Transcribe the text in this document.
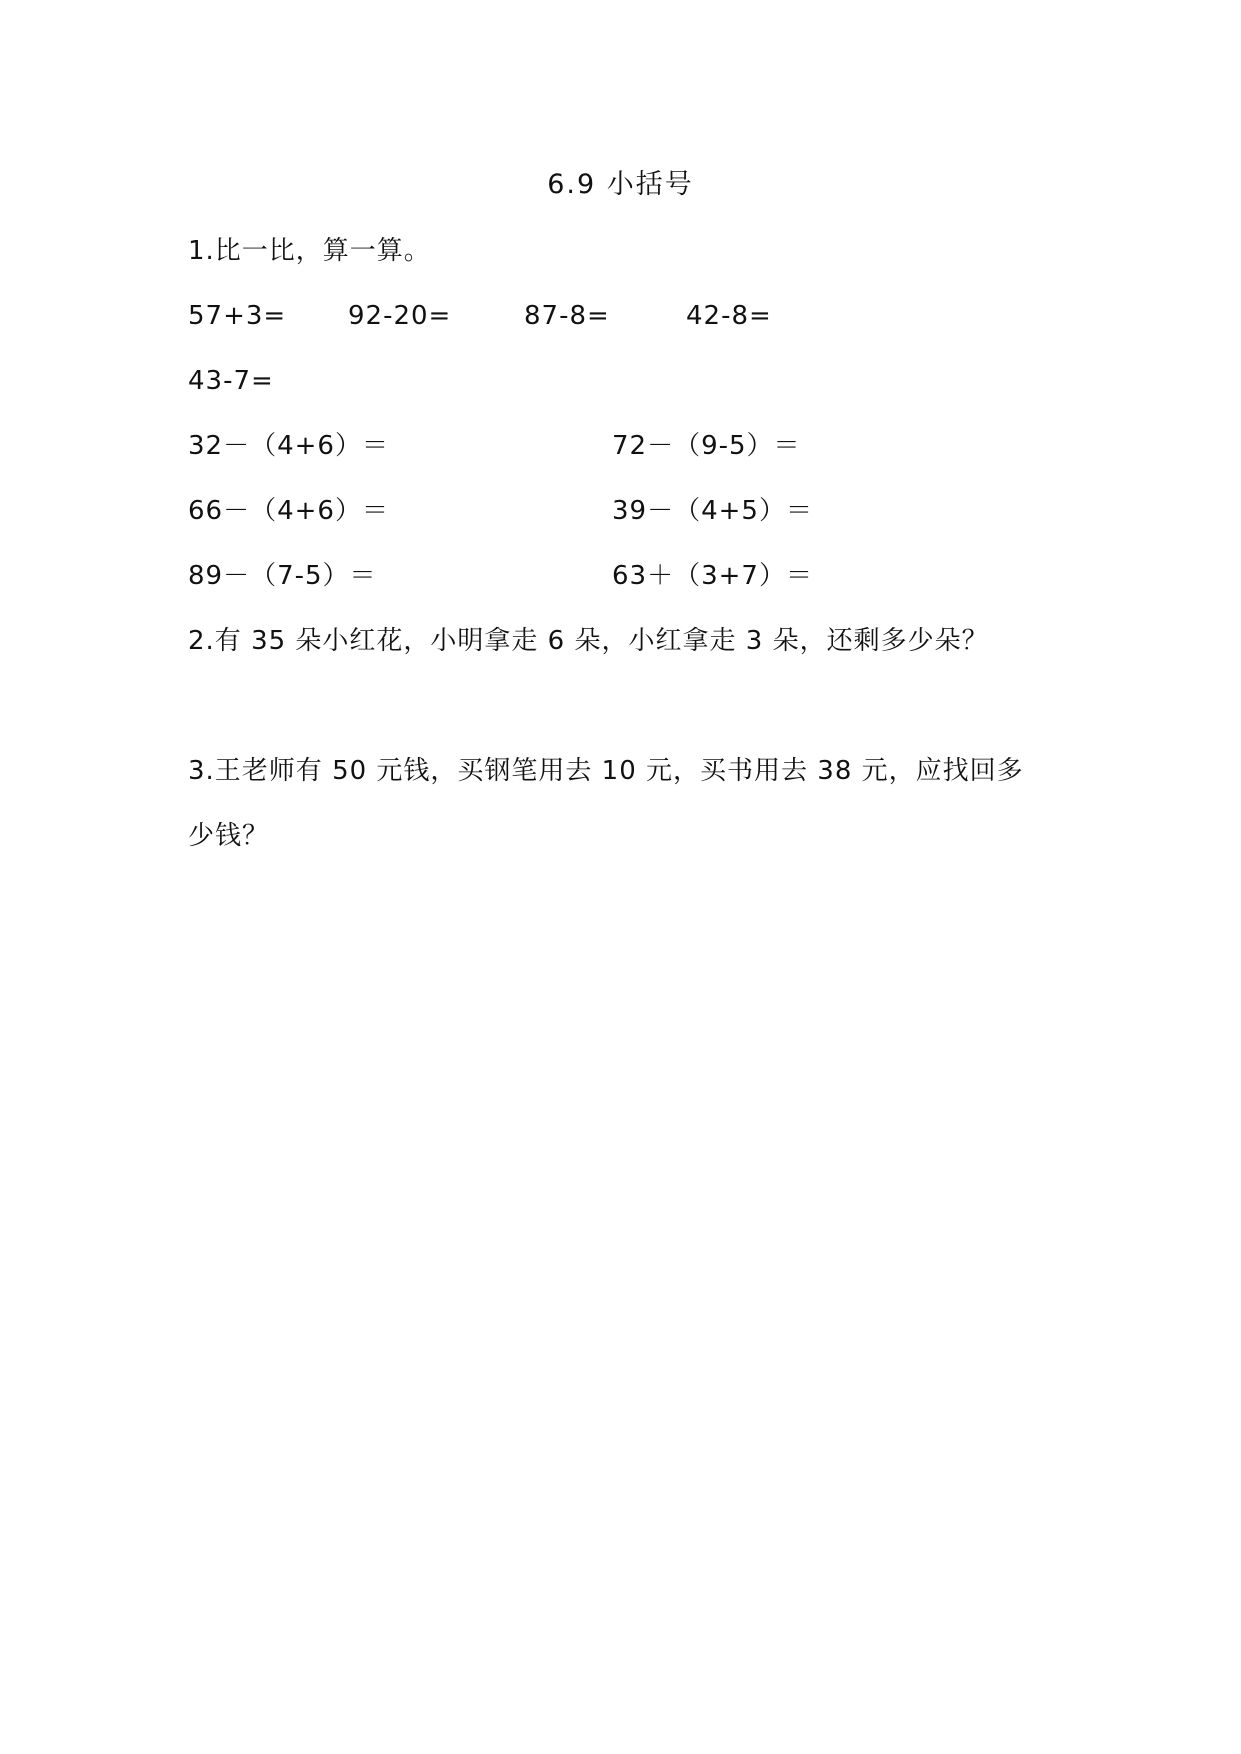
6.9 小括号
1.比一比，算一算。
57+3= 92-20=	87-8=	42-8=
43-7=
32－（4+6）＝	72－（9-5）＝
66－（4+6）＝	39－（4+5）＝
89－（7-5）＝	63＋（3+7）＝
2.有 35 朵小红花，小明拿走 6 朵，小红拿走 3 朵，还剩多少朵？
3.王老师有 50 元钱，买钢笔用去 10 元，买书用去 38 元，应找回多
少钱？
